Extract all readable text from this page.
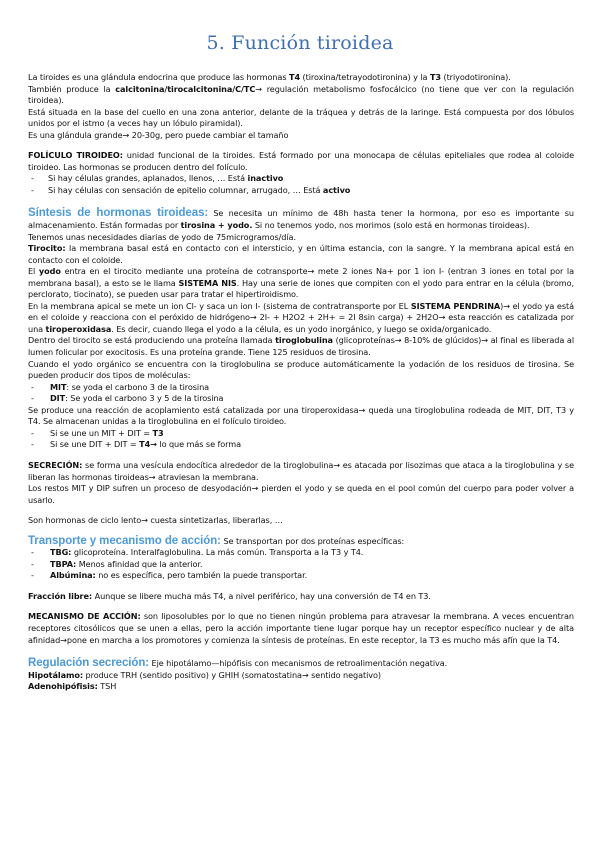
5. Función tiroidea

La tiroides es una glándula endocrina que produce las hormonas T4 (tiroxina/tetrayodotironina) y la T3 (triyodotironina).

También produce la calcitonina/tirocalcitonina/C/TC→ regulación metabolismo fosfocálcico (no tiene que ver con la regulación tiroidea).

Está situada en la base del cuello en una zona anterior, delante de la tráquea y detrás de la laringe. Está compuesta por dos lóbulos unidos por el istmo (a veces hay un lóbulo piramidal).

Es una glándula grande→ 20-30g, pero puede cambiar el tamaño

FOLÍCULO TIROIDEO: unidad funcional de la tiroides. Está formado por una monocapa de células epiteliales que rodea al coloide tiroideo. Las hormonas se producen dentro del folículo.

- Si hay células grandes, aplanados, llenos, … Está inactivo
- Si hay células con sensación de epitelio columnar, arrugado, … Está activo

Síntesis de hormonas tiroideas: Se necesita un mínimo de 48h hasta tener la hormona, por eso es importante su almacenamiento. Están formadas por tirosina + yodo. Si no tenemos yodo, nos morimos (solo está en hormonas tiroideas).

Tenemos unas necesidades diarias de yodo de 75microgramos/día.

Tirocito: la membrana basal está en contacto con el intersticio, y en última estancia, con la sangre. Y la membrana apical está en contacto con el coloide.

El yodo entra en el tirocito mediante una proteína de cotransporte→ mete 2 iones Na+ por 1 ion I- (entran 3 iones en total por la membrana basal), a esto se le llama SISTEMA NIS. Hay una serie de iones que compiten con el yodo para entrar en la célula (bromo, perclorato, tiocinato), se pueden usar para tratar el hipertiroidismo.

En la membrana apical se mete un ion Cl- y saca un ion I- (sistema de contratransporte por EL SISTEMA PENDRINA)→ el yodo ya está en el coloide y reacciona con el peróxido de hidrógeno→ 2I- + H2O2 + 2H+ = 2I 8sin carga) + 2H2O→ esta reacción es catalizada por una tiroperoxidasa. Es decir, cuando llega el yodo a la célula, es un yodo inorgánico, y luego se oxida/organicado.

Dentro del tirocito se está produciendo una proteína llamada tiroglobulina (glicoproteínas→ 8-10% de glúcidos)→ al final es liberada al lumen folicular por exocitosis. Es una proteína grande. Tiene 125 residuos de tirosina.

Cuando el yodo orgánico se encuentra con la tiroglobulina se produce automáticamente la yodación de los residuos de tirosina. Se pueden producir dos tipos de moléculas:

- MIT: se yoda el carbono 3 de la tirosina
- DIT: Se yoda el carbono 3 y 5 de la tirosina

Se produce una reacción de acoplamiento está catalizada por una tiroperoxidasa→ queda una tiroglobulina rodeada de MIT, DIT, T3 y T4. Se almacenan unidas a la tiroglobulina en el folículo tiroideo.

- Si se une un MIT + DIT = T3
- Si se une DIT + DIT = T4→ lo que más se forma

SECRECIÓN: se forma una vesícula endocítica alrededor de la tiroglobulina→ es atacada por lisozimas que ataca a la tiroglobulina y se liberan las hormonas tiroideas→ atraviesan la membrana.

Los restos MIT y DIP sufren un proceso de desyodación→ pierden el yodo y se queda en el pool común del cuerpo para poder volver a usarlo.

Son hormonas de ciclo lento→ cuesta sintetizarlas, liberarlas, …

Transporte y mecanismo de acción: Se transportan por dos proteínas específicas:

- TBG: glicoproteína. Interalfaglobulina. La más común. Transporta a la T3 y T4.
- TBPA: Menos afinidad que la anterior.
- Albúmina: no es específica, pero también la puede transportar.

Fracción libre: Aunque se libere mucha más T4, a nivel periférico, hay una conversión de T4 en T3.

MECANISMO DE ACCIÓN: son liposolubles por lo que no tienen ningún problema para atravesar la membrana. A veces encuentran receptores citosólicos que se unen a ellas, pero la acción importante tiene lugar porque hay un receptor específico nuclear y de alta afinidad→pone en marcha a los promotores y comienza la síntesis de proteínas. En este receptor, la T3 es mucho más afín que la T4.

Regulación secreción: Eje hipotálamo—hipófisis con mecanismos de retroalimentación negativa.

Hipotálamo: produce TRH (sentido positivo) y GHIH (somatostatina→ sentido negativo)

Adenohipófisis: TSH
